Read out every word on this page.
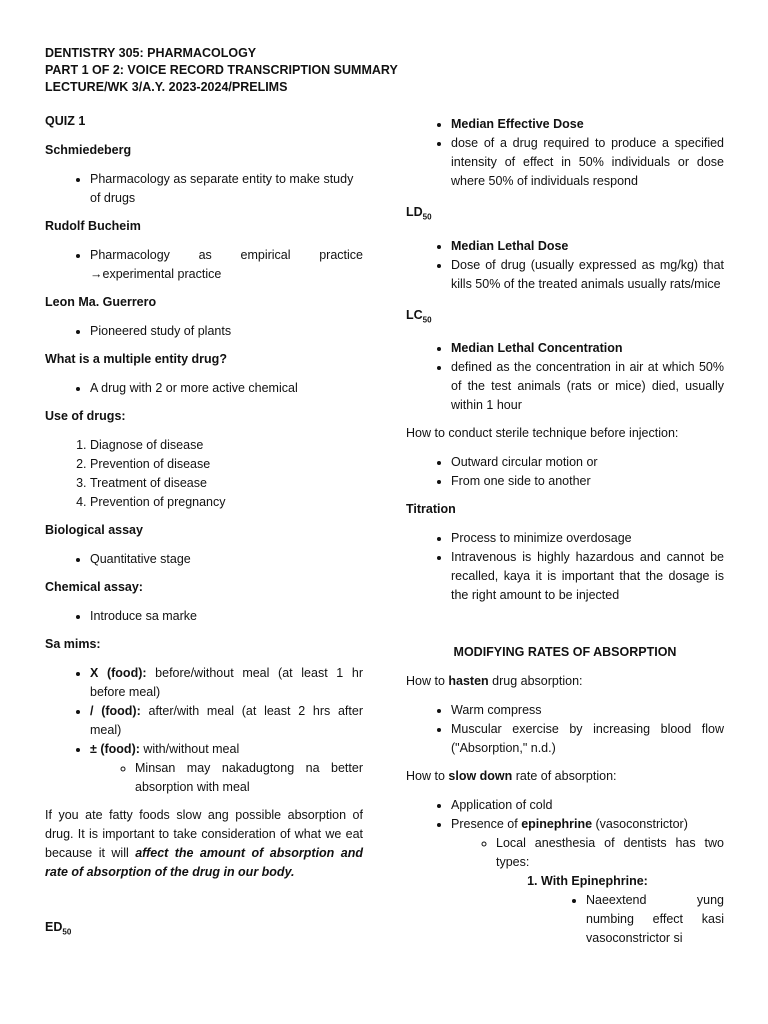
DENTISTRY 305: PHARMACOLOGY
PART 1 OF 2: VOICE RECORD TRANSCRIPTION SUMMARY
LECTURE/WK 3/A.Y. 2023-2024/PRELIMS
QUIZ 1
Schmiedeberg
• Pharmacology as separate entity to make study of drugs
Rudolf Bucheim
• Pharmacology as empirical practice →experimental practice
Leon Ma. Guerrero
• Pioneered study of plants
What is a multiple entity drug?
• A drug with 2 or more active chemical
Use of drugs:
1. Diagnose of disease
2. Prevention of disease
3. Treatment of disease
4. Prevention of pregnancy
Biological assay
• Quantitative stage
Chemical assay:
• Introduce sa marke
Sa mims:
• X (food): before/without meal (at least 1 hr before meal)
• / (food): after/with meal (at least 2 hrs after meal)
• ± (food): with/without meal
◦ Minsan may nakadugtong na better absorption with meal
If you ate fatty foods slow ang possible absorption of drug. It is important to take consideration of what we eat because it will affect the amount of absorption and rate of absorption of the drug in our body.
$ED_{50}$
• Median Effective Dose
• dose of a drug required to produce a specified intensity of effect in 50% individuals or dose where 50% of individuals respond
$LD_{50}$
• Median Lethal Dose
• Dose of drug (usually expressed as mg/kg) that kills 50% of the treated animals usually rats/mice
$LC_{50}$
• Median Lethal Concentration
• defined as the concentration in air at which 50% of the test animals (rats or mice) died, usually within 1 hour
How to conduct sterile technique before injection:
• Outward circular motion or
• From one side to another
Titration
• Process to minimize overdosage
• Intravenous is highly hazardous and cannot be recalled, kaya it is important that the dosage is the right amount to be injected
MODIFYING RATES OF ABSORPTION
How to hasten drug absorption:
• Warm compress
• Muscular exercise by increasing blood flow ("Absorption," n.d.)
How to slow down rate of absorption:
• Application of cold
• Presence of epinephrine (vasoconstrictor)
◦ Local anesthesia of dentists has two types:
1. With Epinephrine:
• Naeextend yung numbing effect kasi vasoconstrictor si
